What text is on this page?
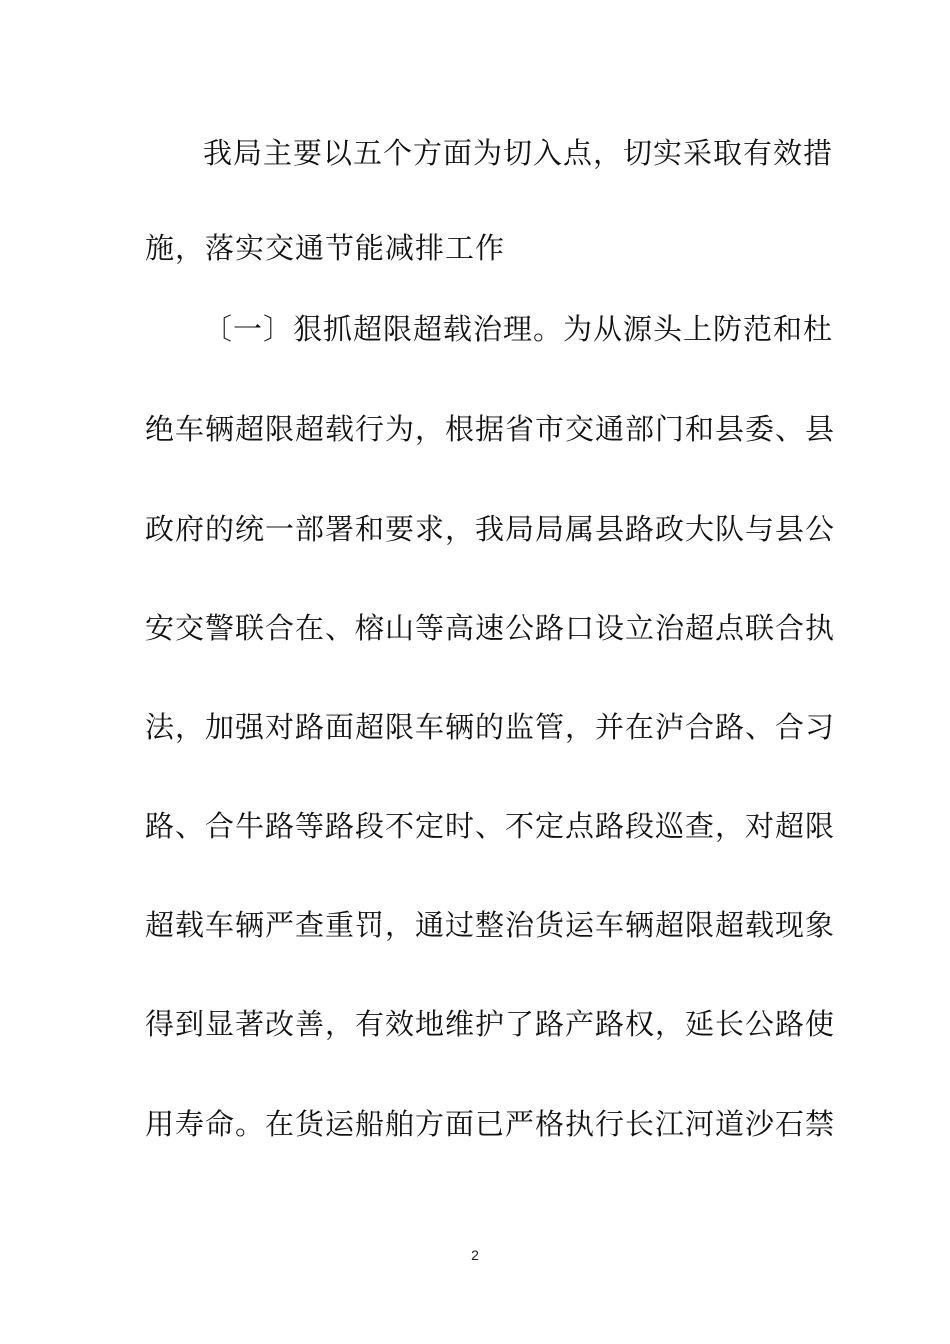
我局主要以五个方面为切入点，切实采取有效措
施，落实交通节能减排工作
〔一〕狠抓超限超载治理。为从源头上防范和杜
绝车辆超限超载行为，根据省市交通部门和县委、县
政府的统一部署和要求，我局局属县路政大队与县公
安交警联合在、榕山等高速公路口设立治超点联合执
法，加强对路面超限车辆的监管，并在泸合路、合习
路、合牛路等路段不定时、不定点路段巡查，对超限
超载车辆严查重罚，通过整治货运车辆超限超载现象
得到显著改善，有效地维护了路产路权，延长公路使
用寿命。在货运船舶方面已严格执行长江河道沙石禁
2
